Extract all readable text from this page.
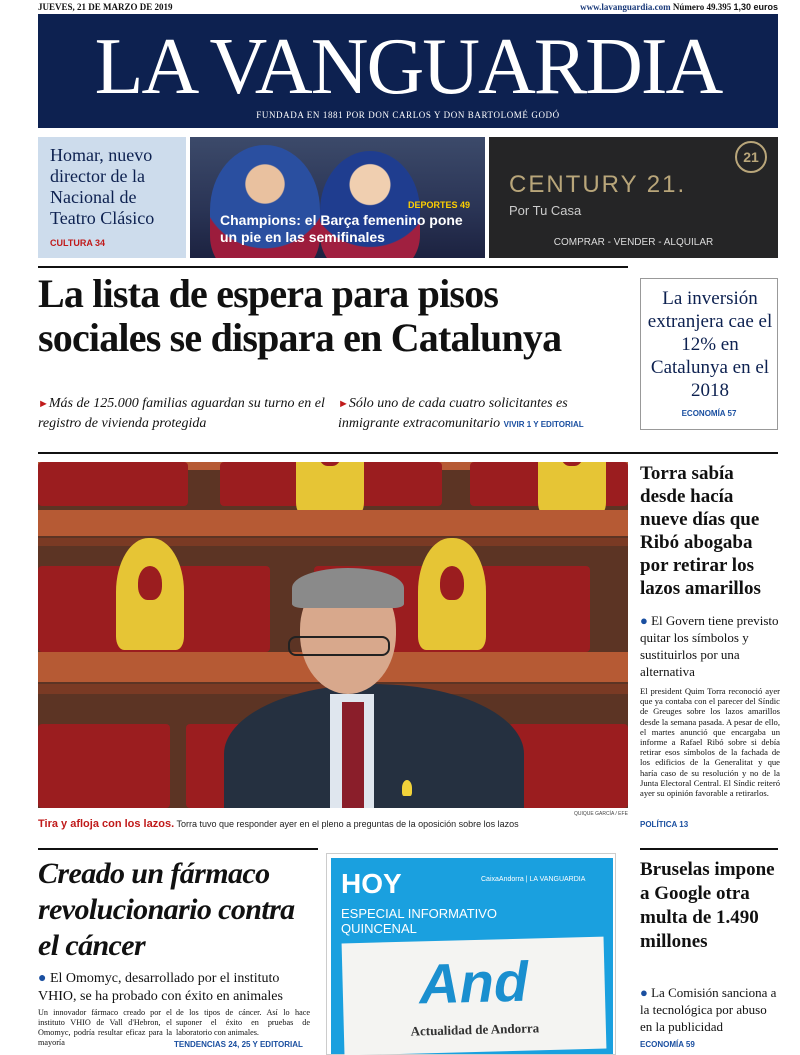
JUEVES, 21 DE MARZO DE 2019	www.lavanguardia.com Número 49.395 1,30 euros
LA VANGUARDIA
FUNDADA EN 1881 POR DON CARLOS Y DON BARTOLOMÉ GODÓ
Homar, nuevo director de la Nacional de Teatro Clásico
CULTURA 34
DEPORTES 49
Champions: el Barça femenino pone un pie en las semifinales
21
CENTURY 21.
Por Tu Casa
COMPRAR - VENDER - ALQUILAR
La lista de espera para pisos sociales se dispara en Catalunya
►Más de 125.000 familias aguardan su turno en el registro de vivienda protegida
►Sólo uno de cada cuatro solicitantes es inmigrante extracomunitario VIVIR 1 Y EDITORIAL
La inversión extranjera cae el 12% en Catalunya en el 2018
ECONOMÍA 57
QUIQUE GARCÍA / EFE
Tira y afloja con los lazos. Torra tuvo que responder ayer en el pleno a preguntas de la oposición sobre los lazos
Torra sabía desde hacía nueve días que Ribó abogaba por retirar los lazos amarillos
● El Govern tiene previsto quitar los símbolos y sustituirlos por una alternativa
El president Quim Torra reconoció ayer que ya contaba con el parecer del Síndic de Greuges sobre los lazos amarillos desde la semana pasada. A pesar de ello, el martes anunció que encargaba un informe a Rafael Ribó sobre si debía retirar esos símbolos de la fachada de los edificios de la Generalitat y que haría caso de su resolución y no de la Junta Electoral Central. El Síndic reiteró ayer su opinión favorable a retirarlos.
POLÍTICA 13
Creado un fármaco revolucionario contra el cáncer
● El Omomyc, desarrollado por el instituto VHIO, se ha probado con éxito en animales
Un innovador fármaco creado por el instituto VHIO de Vall d'Hebron, el Omomyc, podría resultar eficaz para la mayoría
de los tipos de cáncer. Así lo hace suponer el éxito en pruebas de laboratorio con animales.
TENDENCIAS 24, 25 Y EDITORIAL
HOY
ESPECIAL INFORMATIVO QUINCENAL
CaixaAndorra | LA VANGUARDIA
And
Actualidad de Andorra
Bruselas impone a Google otra multa de 1.490 millones
● La Comisión sanciona a la tecnológica por abuso en la publicidad
ECONOMÍA 59
